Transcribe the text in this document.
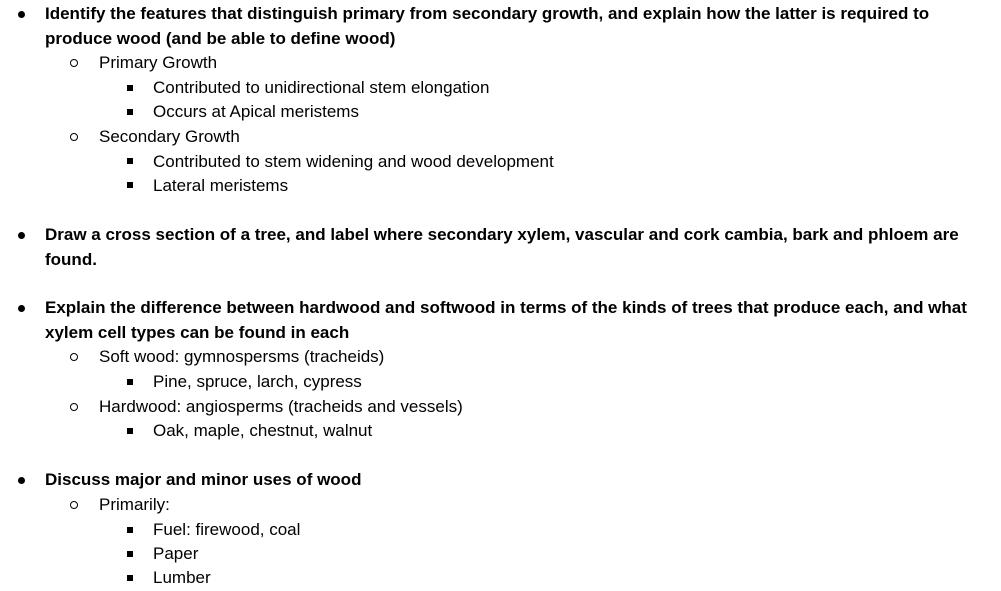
Identify the features that distinguish primary from secondary growth, and explain how the latter is required to produce wood (and be able to define wood)
Primary Growth
Contributed to unidirectional stem elongation
Occurs at Apical meristems
Secondary Growth
Contributed to stem widening and wood development
Lateral meristems
Draw a cross section of a tree, and label where secondary xylem, vascular and cork cambia, bark and phloem are found.
Explain the difference between hardwood and softwood in terms of the kinds of trees that produce each, and what xylem cell types can be found in each
Soft wood: gymnospersms (tracheids)
Pine, spruce, larch, cypress
Hardwood: angiosperms (tracheids and vessels)
Oak, maple, chestnut, walnut
Discuss major and minor uses of wood
Primarily:
Fuel: firewood, coal
Paper
Lumber
